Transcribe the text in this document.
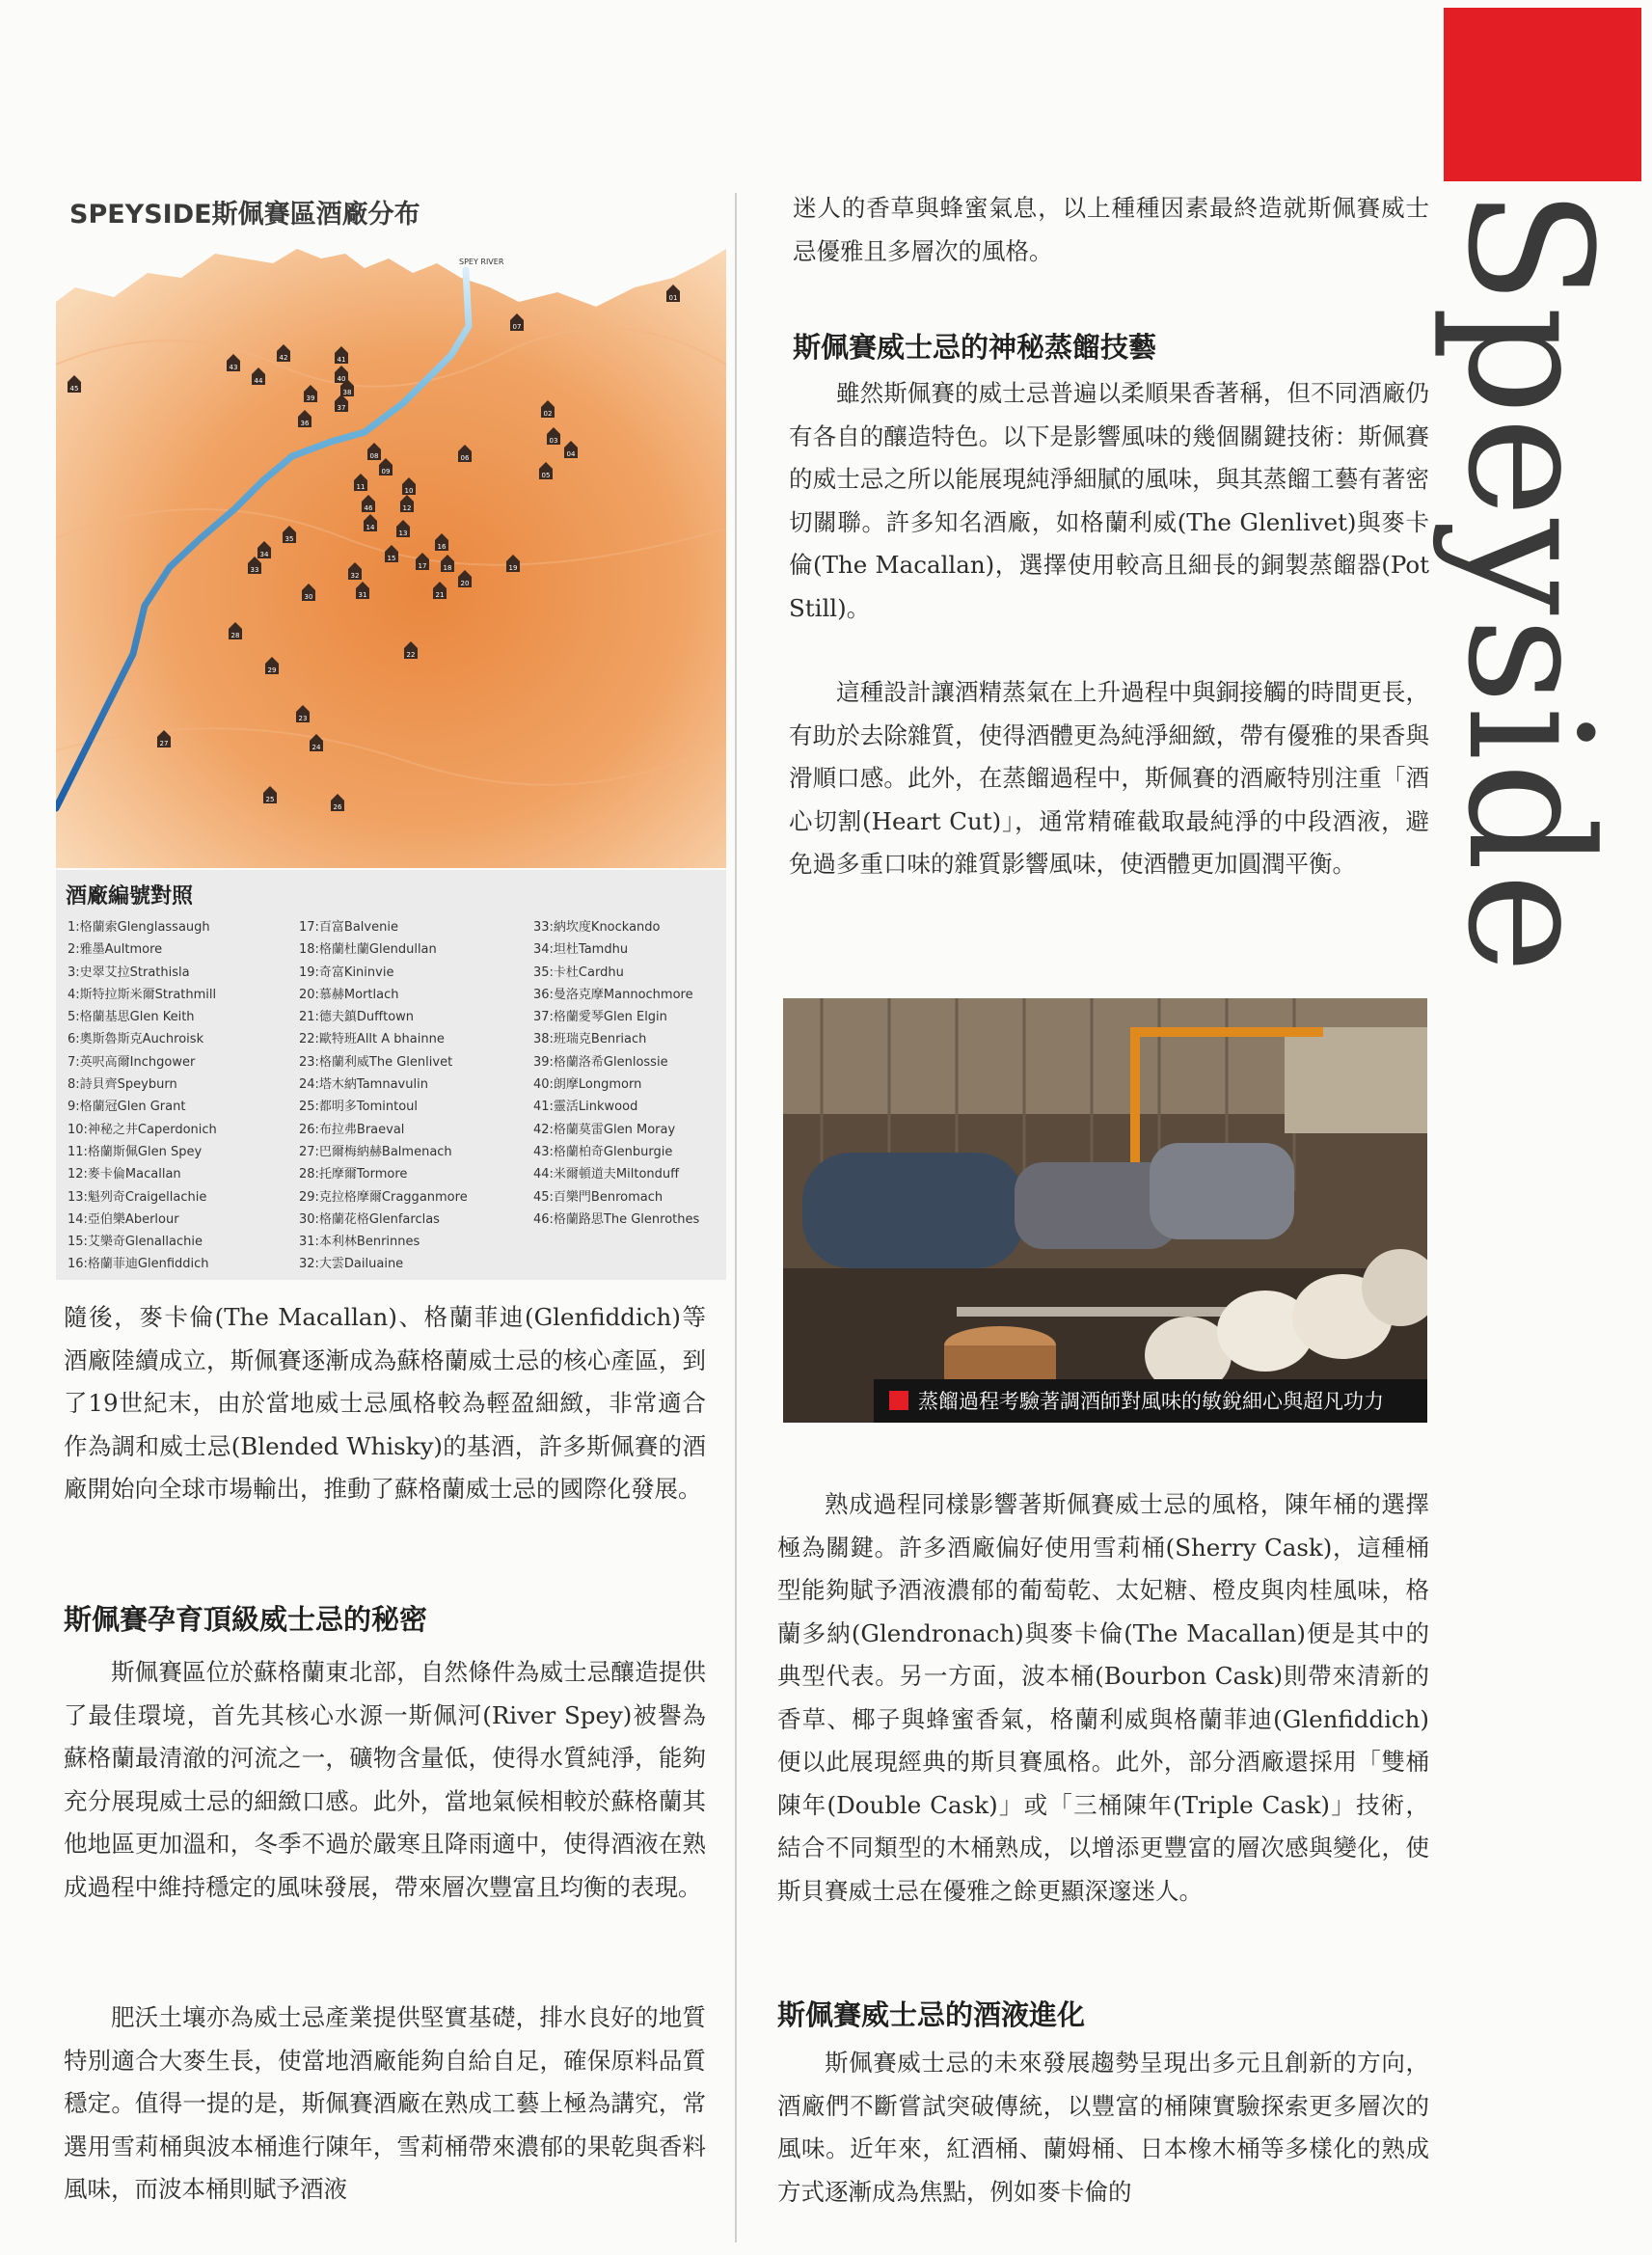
Speyside
SPEYSIDE斯佩賽區酒廠分布
SPEY RIVER
01
02
03
04
05
06
07
08
09
10
11
12
13
14
15
16
17 18	19
20
21
22
23
24
25
26
27
28
29
30	31
32
33
34
35
36
37
38
39
40
41
42
43
44
45
46
酒廠編號對照
1:格蘭索Glenglassaugh
2:雅墨Aultmore
3:史翠艾拉Strathisla
4:斯特拉斯米爾Strathmill
5:格蘭基思Glen Keith
6:奧斯魯斯克Auchroisk
7:英呎高爾Inchgower
8:詩貝齊Speyburn
9:格蘭冠Glen Grant
10:神秘之井Caperdonich
11:格蘭斯佩Glen Spey
12:麥卡倫Macallan
13:魁列奇Craigellachie
14:亞伯樂Aberlour
15:艾樂奇Glenallachie
16:格蘭菲迪Glenfiddich
17:百富Balvenie
18:格蘭杜蘭Glendullan
19:奇富Kininvie
20:慕赫Mortlach
21:德夫鎮Dufftown
22:歐特班Allt A bhainne
23:格蘭利威The Glenlivet
24:塔木納Tamnavulin
25:都明多Tomintoul
26:布拉弗Braeval
27:巴爾梅納赫Balmenach
28:托摩爾Tormore
29:克拉格摩爾Cragganmore
30:格蘭花格Glenfarclas
31:本利林Benrinnes
32:大雲Dailuaine
33:納坎度Knockando
34:坦杜Tamdhu
35:卡杜Cardhu
36:曼洛克摩Mannochmore
37:格蘭愛琴Glen Elgin
38:班瑞克Benriach
39:格蘭洛希Glenlossie
40:朗摩Longmorn
41:靈活Linkwood
42:格蘭莫雷Glen Moray
43:格蘭柏奇Glenburgie
44:米爾頓道夫Miltonduff
45:百樂門Benromach
46:格蘭路思The Glenrothes
隨後，麥卡倫(The Macallan)、格蘭菲迪(Glenfiddich)等酒廠陸續成立，斯佩賽逐漸成為蘇格蘭威士忌的核心產區，到了19世紀末，由於當地威士忌風格較為輕盈細緻，非常適合作為調和威士忌(Blended Whisky)的基酒，許多斯佩賽的酒廠開始向全球市場輸出，推動了蘇格蘭威士忌的國際化發展。
斯佩賽孕育頂級威士忌的秘密
斯佩賽區位於蘇格蘭東北部，自然條件為威士忌釀造提供了最佳環境，首先其核心水源一斯佩河(River Spey)被譽為蘇格蘭最清澈的河流之一，礦物含量低，使得水質純淨，能夠充分展現威士忌的細緻口感。此外，當地氣候相較於蘇格蘭其他地區更加溫和，冬季不過於嚴寒且降雨適中，使得酒液在熟成過程中維持穩定的風味發展，帶來層次豐富且均衡的表現。
肥沃土壤亦為威士忌產業提供堅實基礎，排水良好的地質特別適合大麥生長，使當地酒廠能夠自給自足，確保原料品質穩定。值得一提的是，斯佩賽酒廠在熟成工藝上極為講究，常選用雪莉桶與波本桶進行陳年，雪莉桶帶來濃郁的果乾與香料風味，而波本桶則賦予酒液
迷人的香草與蜂蜜氣息，以上種種因素最終造就斯佩賽威士忌優雅且多層次的風格。
斯佩賽威士忌的神秘蒸餾技藝
雖然斯佩賽的威士忌普遍以柔順果香著稱，但不同酒廠仍有各自的釀造特色。以下是影響風味的幾個關鍵技術：斯佩賽的威士忌之所以能展現純淨細膩的風味，與其蒸餾工藝有著密切關聯。許多知名酒廠，如格蘭利威(The Glenlivet)與麥卡倫(The Macallan)，選擇使用較高且細長的銅製蒸餾器(Pot Still)。
這種設計讓酒精蒸氣在上升過程中與銅接觸的時間更長，有助於去除雜質，使得酒體更為純淨細緻，帶有優雅的果香與滑順口感。此外，在蒸餾過程中，斯佩賽的酒廠特別注重「酒心切割(Heart Cut)」，通常精確截取最純淨的中段酒液，避免過多重口味的雜質影響風味，使酒體更加圓潤平衡。
蒸餾過程考驗著調酒師對風味的敏銳細心與超凡功力
熟成過程同樣影響著斯佩賽威士忌的風格，陳年桶的選擇極為關鍵。許多酒廠偏好使用雪莉桶(Sherry Cask)，這種桶型能夠賦予酒液濃郁的葡萄乾、太妃糖、橙皮與肉桂風味，格蘭多納(Glendronach)與麥卡倫(The Macallan)便是其中的典型代表。另一方面，波本桶(Bourbon Cask)則帶來清新的香草、椰子與蜂蜜香氣，格蘭利威與格蘭菲迪(Glenfiddich)便以此展現經典的斯貝賽風格。此外，部分酒廠還採用「雙桶陳年(Double Cask)」或「三桶陳年(Triple Cask)」技術，結合不同類型的木桶熟成，以增添更豐富的層次感與變化，使斯貝賽威士忌在優雅之餘更顯深邃迷人。
斯佩賽威士忌的酒液進化
斯佩賽威士忌的未來發展趨勢呈現出多元且創新的方向，酒廠們不斷嘗試突破傳統，以豐富的桶陳實驗探索更多層次的風味。近年來，紅酒桶、蘭姆桶、日本橡木桶等多樣化的熟成方式逐漸成為焦點，例如麥卡倫的
